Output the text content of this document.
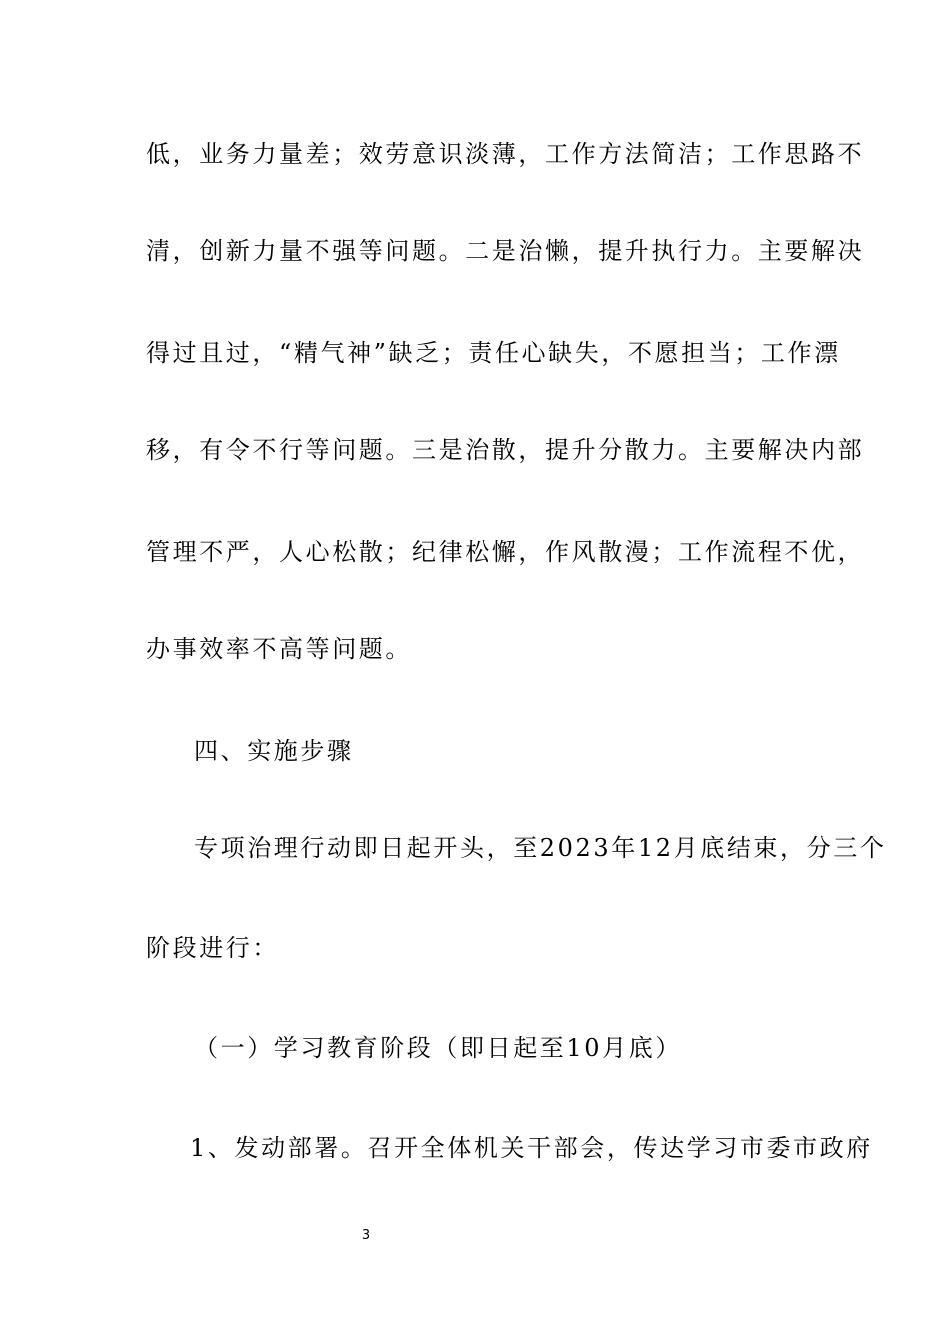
低，业务力量差；效劳意识淡薄，工作方法简洁；工作思路不
清，创新力量不强等问题。二是治懒，提升执行力。主要解决
得过且过，“精气神”缺乏；责任心缺失，不愿担当；工作漂
移，有令不行等问题。三是治散，提升分散力。主要解决内部
管理不严，人心松散；纪律松懈，作风散漫；工作流程不优，
办事效率不高等问题。
四、实施步骤
专项治理行动即日起开头，至2023年12月底结束，分三个
阶段进行：
（一）学习教育阶段（即日起至10月底）
1、发动部署。召开全体机关干部会，传达学习市委市政府
3
